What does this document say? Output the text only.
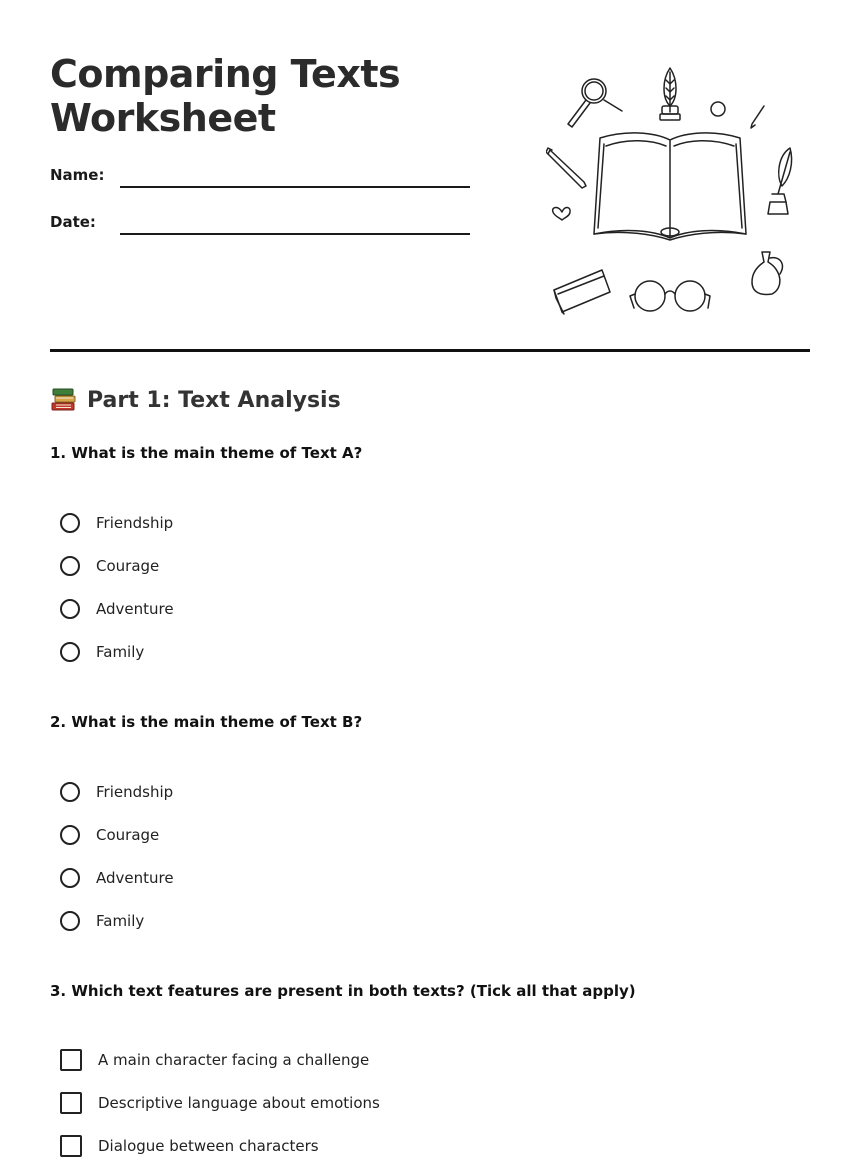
Comparing Texts Worksheet
Name:
Date:
Part 1: Text Analysis
1. What is the main theme of Text A?
Friendship
Courage
Adventure
Family
2. What is the main theme of Text B?
Friendship
Courage
Adventure
Family
3. Which text features are present in both texts? (Tick all that apply)
A main character facing a challenge
Descriptive language about emotions
Dialogue between characters
